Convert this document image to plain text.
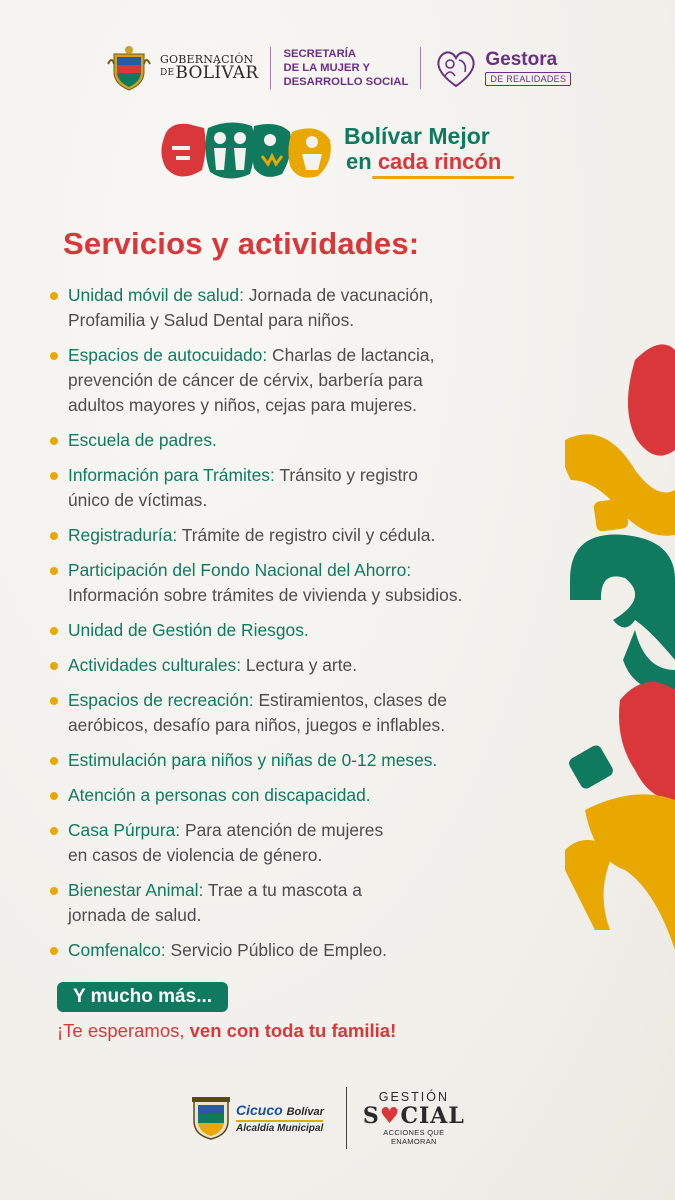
GOBERNACIÓN
DEBOLÍVAR
SECRETARÍA
DE LA MUJER Y
DESARROLLO SOCIAL
Gestora
DE REALIDADES
Bolívar Mejor
en cada rincón
Servicios y actividades:
Unidad móvil de salud: Jornada de vacunación,
Profamilia y Salud Dental para niños.
Espacios de autocuidado: Charlas de lactancia,
prevención de cáncer de cérvix, barbería para
adultos mayores y niños, cejas para mujeres.
Escuela de padres.
Información para Trámites: Tránsito y registro
único de víctimas.
Registraduría: Trámite de registro civil y cédula.
Participación del Fondo Nacional del Ahorro:
Información sobre trámites de vivienda y subsidios.
Unidad de Gestión de Riesgos.
Actividades culturales: Lectura y arte.
Espacios de recreación: Estiramientos, clases de
aeróbicos, desafío para niños, juegos e inflables.
Estimulación para niños y niñas de 0-12 meses.
Atención a personas con discapacidad.
Casa Púrpura: Para atención de mujeres
en casos de violencia de género.
Bienestar Animal: Trae a tu mascota a
jornada de salud.
Comfenalco: Servicio Público de Empleo.
Y mucho más...
¡Te esperamos, ven con toda tu familia!
Cicuco Bolívar
Alcaldía Municipal
GESTIÓN
S♥CIAL
ACCIONES QUE
ENAMORAN
